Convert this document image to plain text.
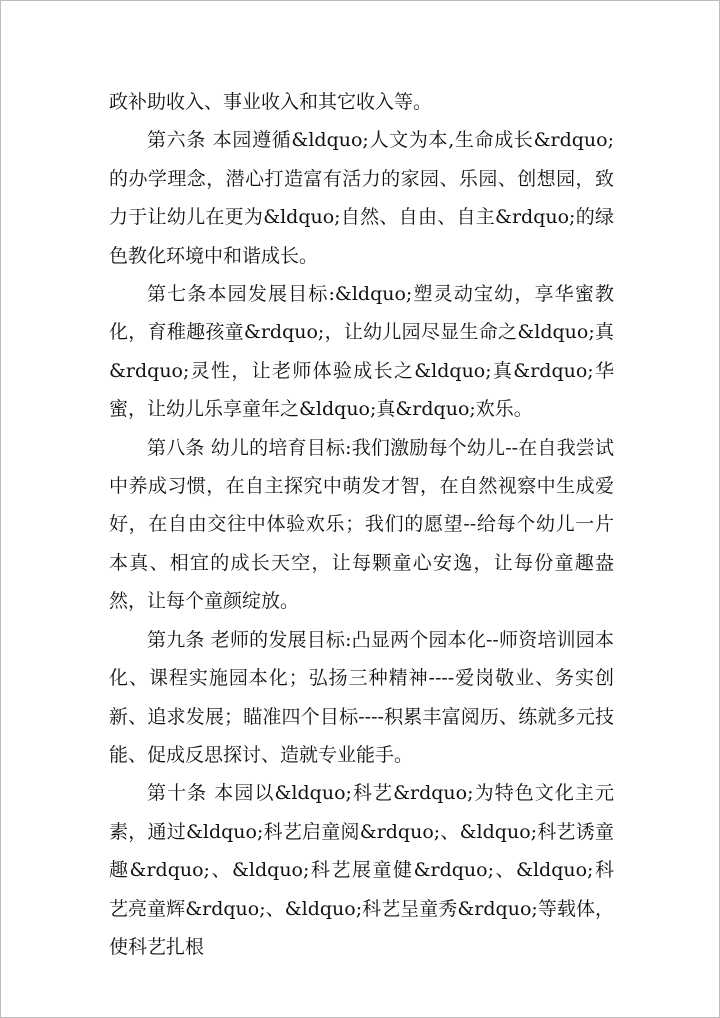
政补助收入、事业收入和其它收入等。

第六条 本园遵循&ldquo;人文为本,生命成长&rdquo;的办学理念，潜心打造富有活力的家园、乐园、创想园，致力于让幼儿在更为&ldquo;自然、自由、自主&rdquo;的绿色教化环境中和谐成长。

第七条本园发展目标:&ldquo;塑灵动宝幼，享华蜜教化，育稚趣孩童&rdquo;，让幼儿园尽显生命之&ldquo;真&rdquo;灵性，让老师体验成长之&ldquo;真&rdquo;华蜜，让幼儿乐享童年之&ldquo;真&rdquo;欢乐。

第八条 幼儿的培育目标:我们激励每个幼儿--在自我尝试中养成习惯，在自主探究中萌发才智，在自然视察中生成爱好，在自由交往中体验欢乐；我们的愿望--给每个幼儿一片本真、相宜的成长天空，让每颗童心安逸，让每份童趣盎然，让每个童颜绽放。

第九条 老师的发展目标:凸显两个园本化--师资培训园本化、课程实施园本化；弘扬三种精神----爱岗敬业、务实创新、追求发展；瞄准四个目标----积累丰富阅历、练就多元技能、促成反思探讨、造就专业能手。

第十条 本园以&ldquo;科艺&rdquo;为特色文化主元素，通过&ldquo;科艺启童阅&rdquo;、&ldquo;科艺诱童趣&rdquo;、&ldquo;科艺展童健&rdquo;、&ldquo;科艺亮童辉&rdquo;、&ldquo;科艺呈童秀&rdquo;等载体，使科艺扎根
